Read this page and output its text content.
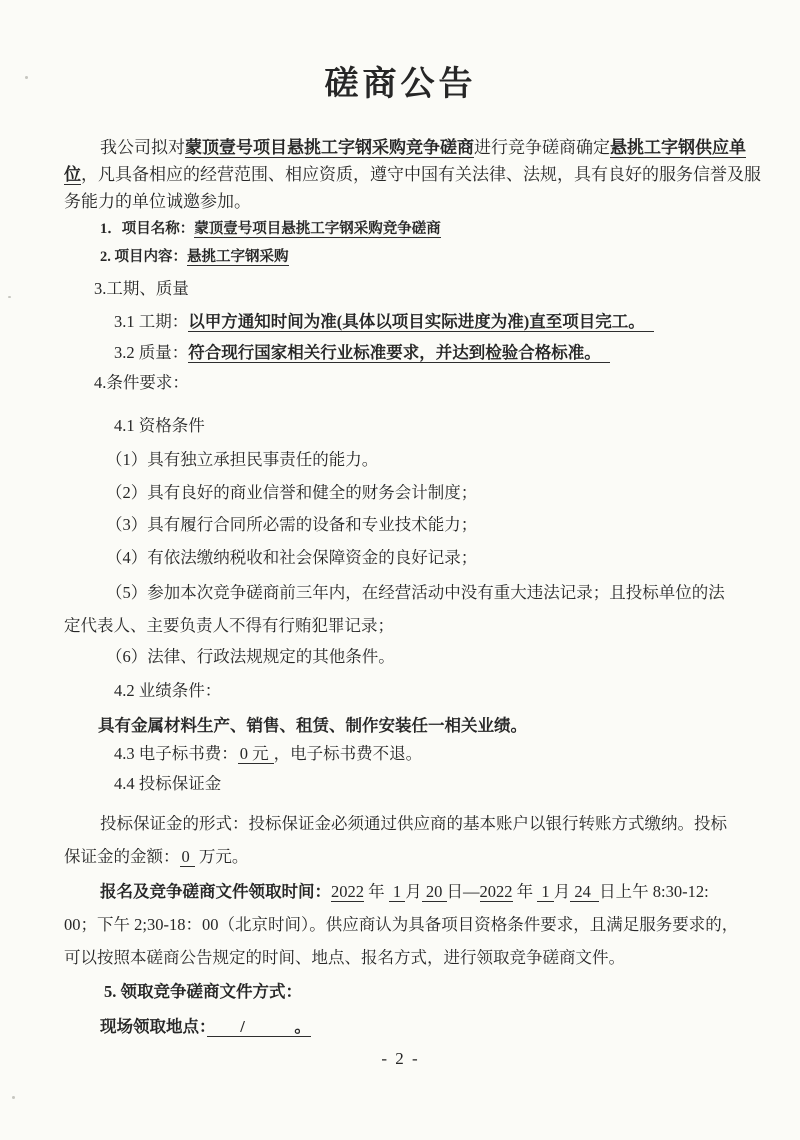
磋商公告
我公司拟对蒙顶壹号项目悬挑工字钢采购竞争磋商进行竞争磋商确定悬挑工字钢供应单
位，凡具备相应的经营范围、相应资质，遵守中国有关法律、法规，具有良好的服务信誉及服
务能力的单位诚邀参加。
1．项目名称：蒙顶壹号项目悬挑工字钢采购竞争磋商
2. 项目内容：悬挑工字钢采购
3.工期、质量
3.1 工期：以甲方通知时间为准(具体以项目实际进度为准)直至项目完工。
3.2 质量：符合现行国家相关行业标准要求，并达到检验合格标准。
4.条件要求：
4.1 资格条件
（1）具有独立承担民事责任的能力。
（2）具有良好的商业信誉和健全的财务会计制度；
（3）具有履行合同所必需的设备和专业技术能力；
（4）有依法缴纳税收和社会保障资金的良好记录；
（5）参加本次竞争磋商前三年内，在经营活动中没有重大违法记录；且投标单位的法
定代表人、主要负责人不得有行贿犯罪记录；
（6）法律、行政法规规定的其他条件。
4.2 业绩条件：
具有金属材料生产、销售、租赁、制作安装任一相关业绩。
4.3 电子标书费： 0 元 ，电子标书费不退。
4.4 投标保证金
投标保证金的形式：投标保证金必须通过供应商的基本账户以银行转账方式缴纳。投标
保证金的金额： 0 万元。
报名及竞争磋商文件领取时间：2022 年  1 月 20 日—2022 年  1 月 24  日上午 8:30-12:
00；下午 2;30-18：00（北京时间）。供应商认为具备项目资格条件要求，且满足服务要求的，
可以按照本磋商公告规定的时间、地点、报名方式，进行领取竞争磋商文件。
5. 领取竞争磋商文件方式：
现场领取地点：　　/　　　。
- 2 -
